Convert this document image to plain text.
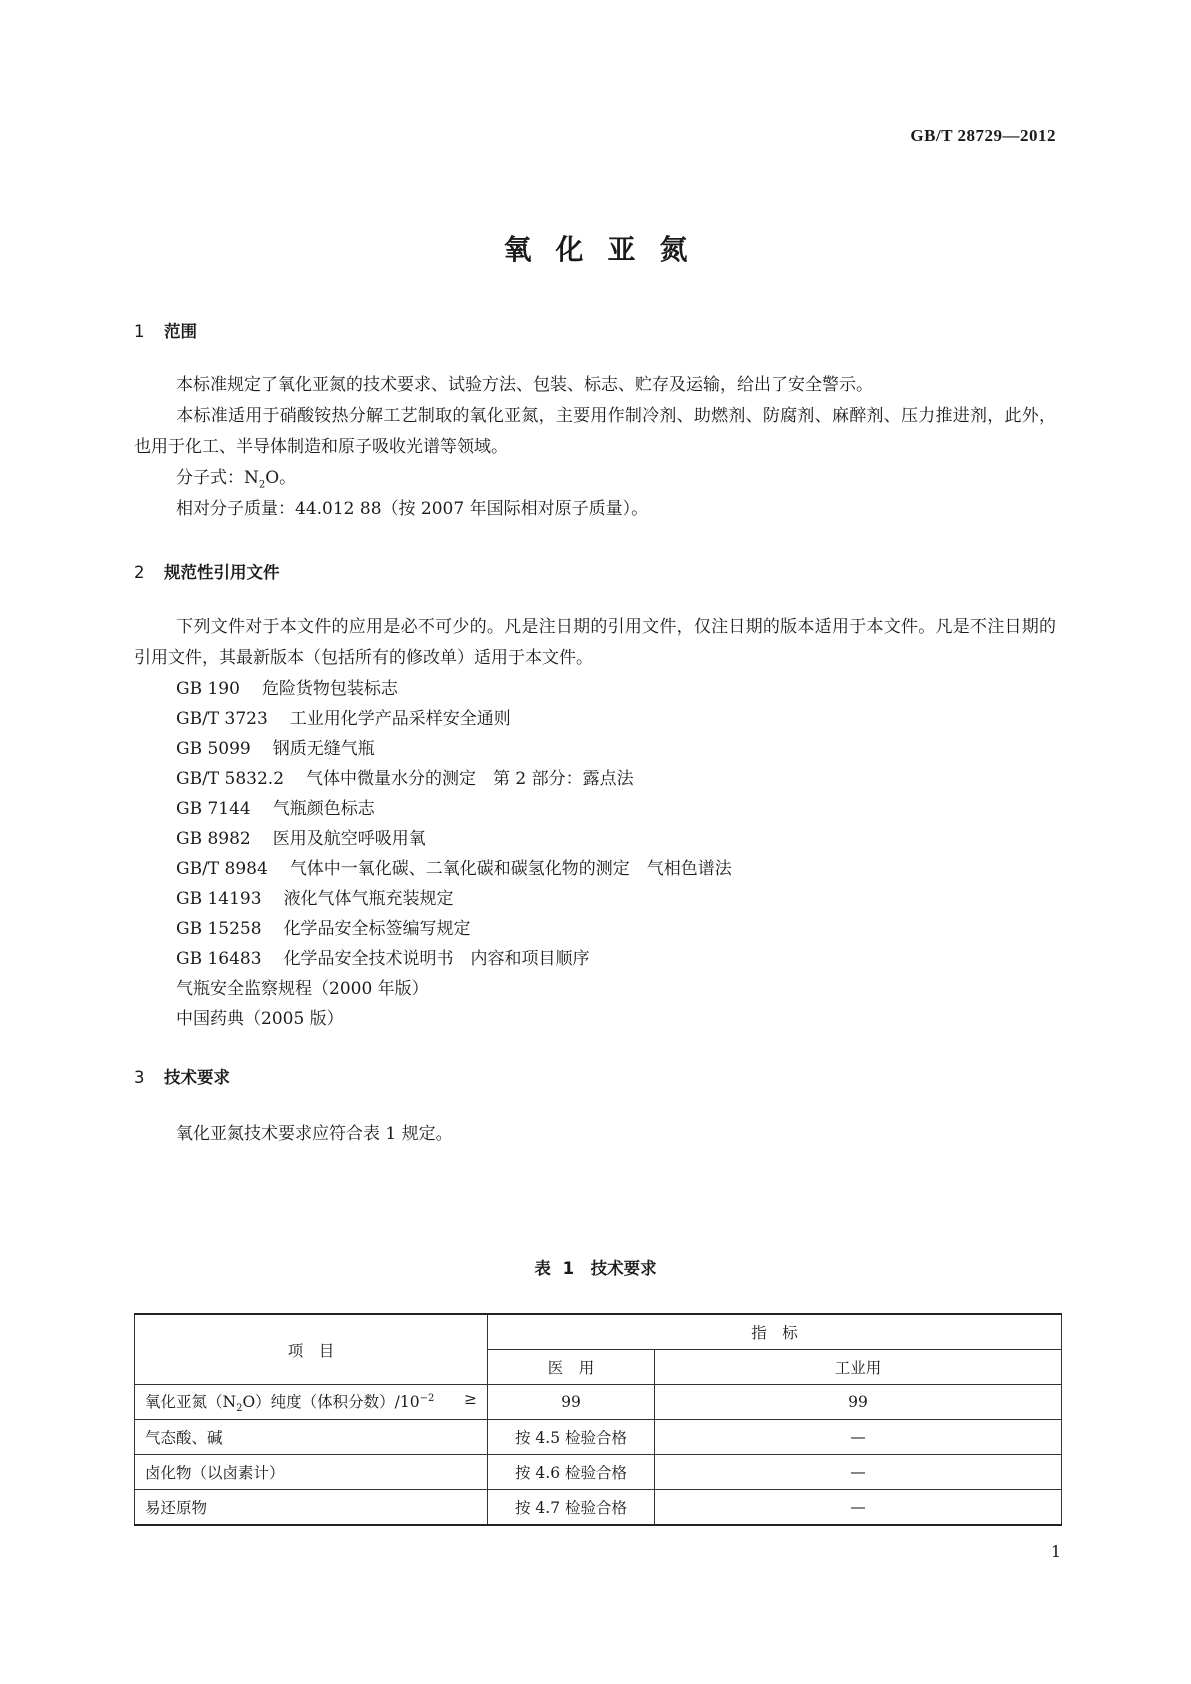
GB/T 28729—2012
氧化亚氮
1 范围
本标准规定了氧化亚氮的技术要求、试验方法、包装、标志、贮存及运输，给出了安全警示。
本标准适用于硝酸铵热分解工艺制取的氧化亚氮，主要用作制冷剂、助燃剂、防腐剂、麻醉剂、压力推进剂，此外，也用于化工、半导体制造和原子吸收光谱等领域。
分子式：$N_2O$。
相对分子质量：44.012 88（按 2007 年国际相对原子质量）。
2 规范性引用文件
下列文件对于本文件的应用是必不可少的。凡是注日期的引用文件，仅注日期的版本适用于本文件。凡是不注日期的引用文件，其最新版本（包括所有的修改单）适用于本文件。
GB 190 危险货物包装标志
GB/T 3723 工业用化学产品采样安全通则
GB 5099 钢质无缝气瓶
GB/T 5832.2 气体中微量水分的测定　第 2 部分：露点法
GB 7144 气瓶颜色标志
GB 8982 医用及航空呼吸用氧
GB/T 8984 气体中一氧化碳、二氧化碳和碳氢化物的测定　气相色谱法
GB 14193 液化气体气瓶充装规定
GB 15258 化学品安全标签编写规定
GB 16483 化学品安全技术说明书　内容和项目顺序
气瓶安全监察规程（2000 年版）
中国药典（2005 版）
3 技术要求
氧化亚氮技术要求应符合表 1 规定。
表 1　技术要求
项　目	指　标	
	医　用	工业用
氧化亚氮$(N_2O)$纯度（体积分数）$/10^{-2}$ ≥	99	99
气态酸、碱	按 4.5 检验合格	—
卤化物（以卤素计）	按 4.6 检验合格	—
易还原物	按 4.7 检验合格	—
1
